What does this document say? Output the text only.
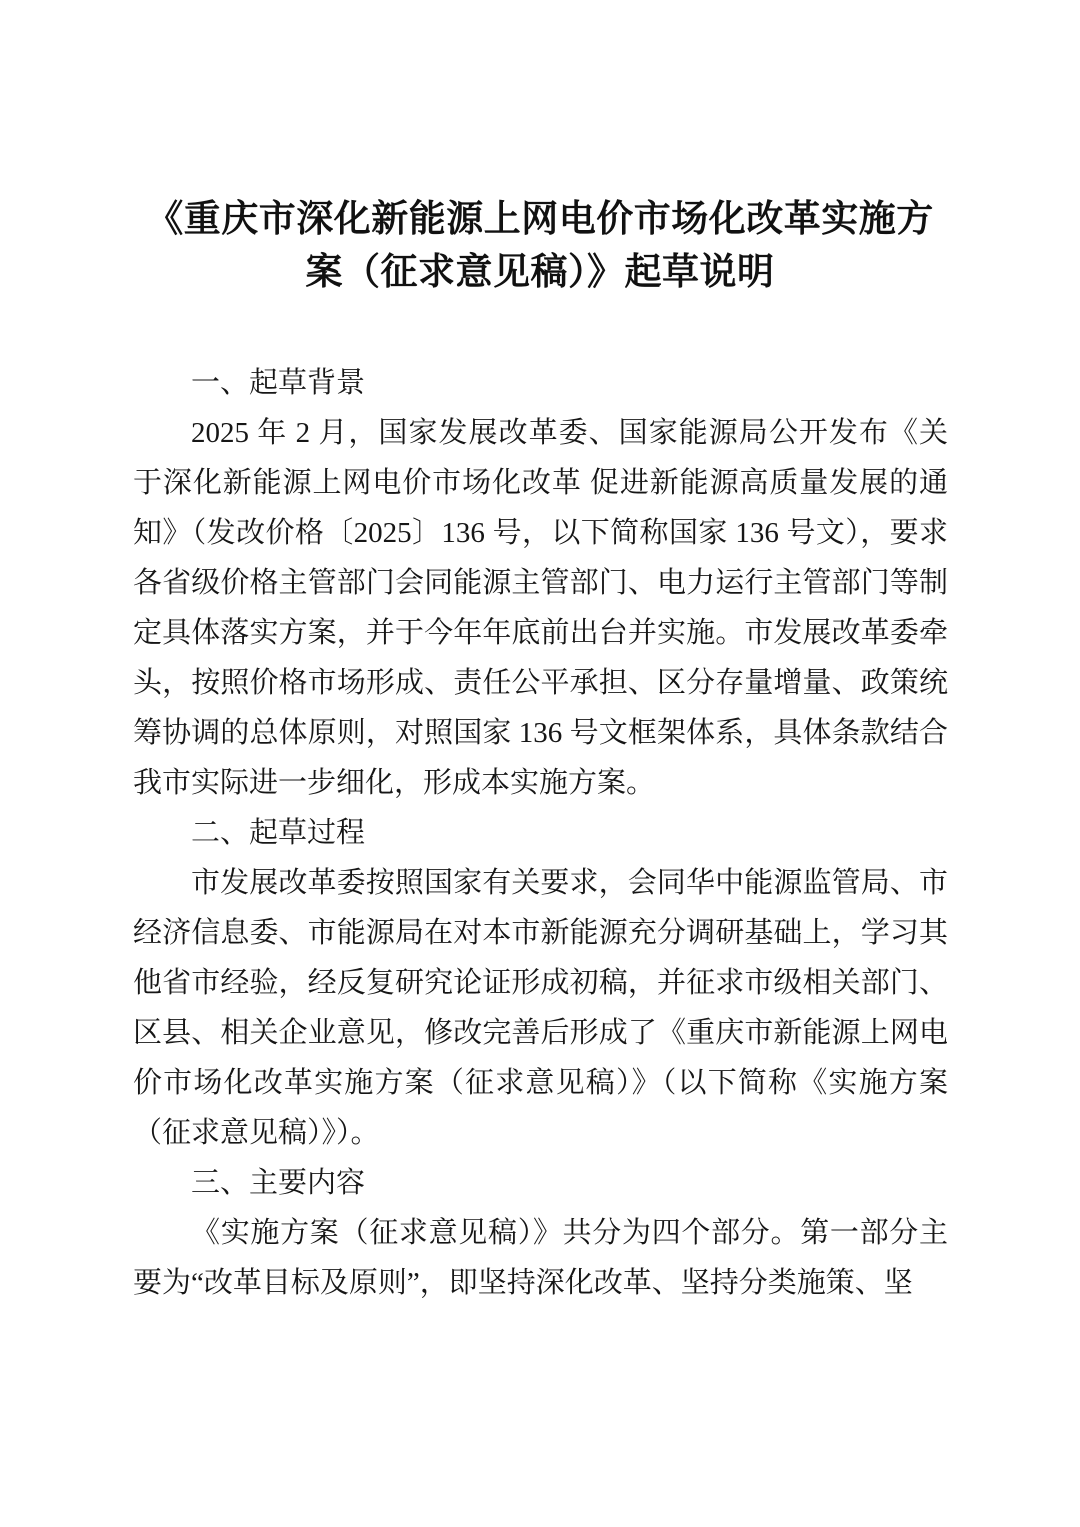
《重庆市深化新能源上网电价市场化改革实施方
案（征求意见稿）》起草说明
一、起草背景

2025 年 2 月，国家发展改革委、国家能源局公开发布《关于深化新能源上网电价市场化改革 促进新能源高质量发展的通知》（发改价格〔2025〕136 号，以下简称国家 136 号文），要求各省级价格主管部门会同能源主管部门、电力运行主管部门等制定具体落实方案，并于今年年底前出台并实施。市发展改革委牵头，按照价格市场形成、责任公平承担、区分存量增量、政策统筹协调的总体原则，对照国家 136 号文框架体系，具体条款结合我市实际进一步细化，形成本实施方案。

二、起草过程

市发展改革委按照国家有关要求，会同华中能源监管局、市经济信息委、市能源局在对本市新能源充分调研基础上，学习其他省市经验，经反复研究论证形成初稿，并征求市级相关部门、区县、相关企业意见，修改完善后形成了《重庆市新能源上网电价市场化改革实施方案（征求意见稿）》（以下简称《实施方案（征求意见稿）》）。

三、主要内容

《实施方案（征求意见稿）》共分为四个部分。第一部分主要为“改革目标及原则”，即坚持深化改革、坚持分类施策、坚
